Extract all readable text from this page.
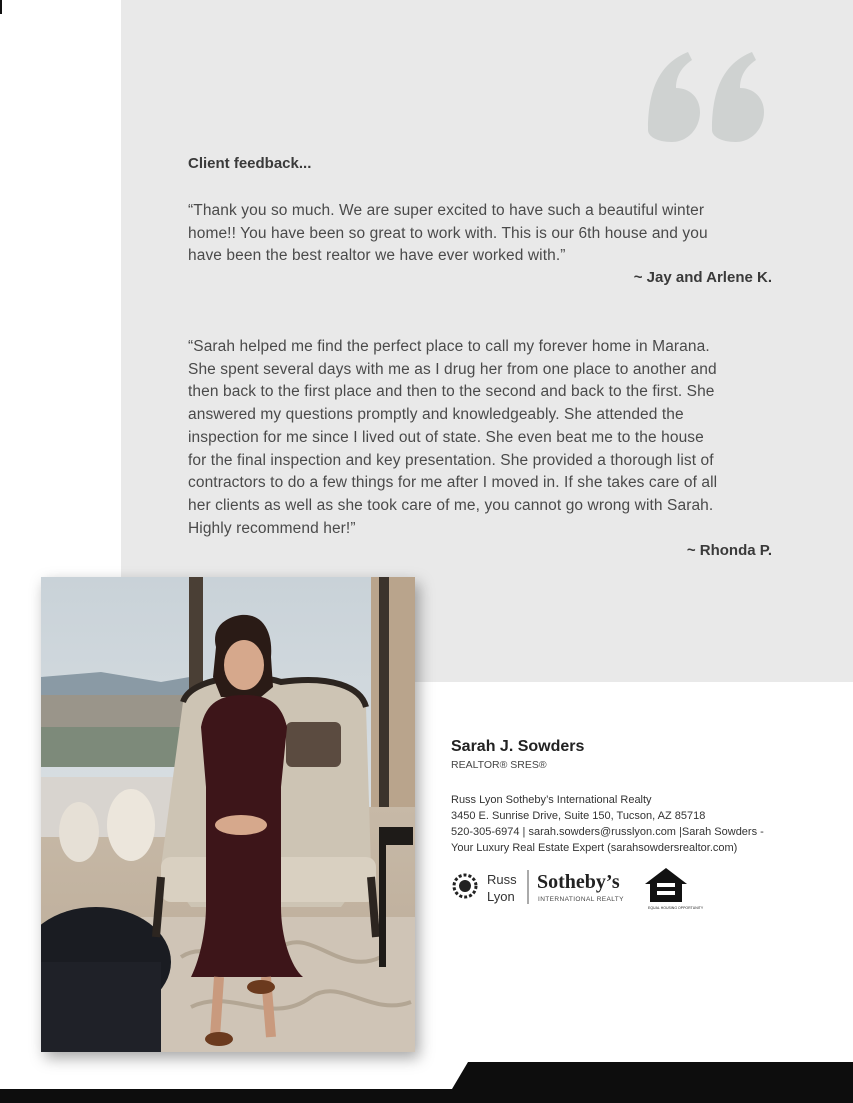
Client feedback...
“Thank you so much. We are super excited to have such a beautiful winter
home!! You have been so great to work with. This is our 6th house and you
have been the best realtor we have ever worked with.”
~ Jay and Arlene K.
“Sarah helped me find the perfect place to call my forever home in Marana.
She spent several days with me as I drug her from one place to another and
then back to the first place and then to the second and back to the first. She
answered my questions promptly and knowledgeably. She attended the
inspection for me since I lived out of state. She even beat me to the house
for the final inspection and key presentation. She provided a thorough list of
contractors to do a few things for me after I moved in. If she takes care of all
her clients as well as she took care of me, you cannot go wrong with Sarah.
Highly recommend her!”
~ Rhonda P.
Sarah J. Sowders
REALTOR® SRES®
Russ Lyon Sotheby’s International Realty
3450 E. Sunrise Drive, Suite 150, Tucson, AZ 85718
520-305-6974 | sarah.sowders@russlyon.com |Sarah Sowders -
Your Luxury Real Estate Expert (sarahsowdersrealtor.com)
Russ
Lyon
Sotheby’s
INTERNATIONAL REALTY
EQUAL HOUSING OPPORTUNITY
